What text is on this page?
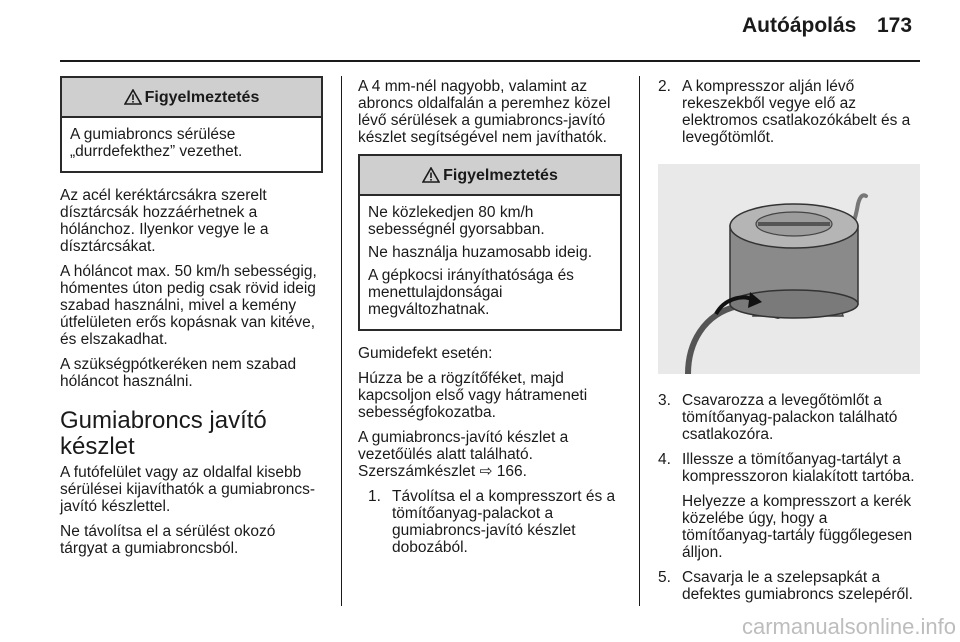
Autóápolás 173
Figyelmeztetés

A gumiabroncs sérülése „durrdefekthez” vezethet.

Az acél keréktárcsákra szerelt dísztárcsák hozzáérhetnek a hólánchoz. Ilyenkor vegye le a dísztárcsákat.

A hóláncot max. 50 km/h sebességig, hómentes úton pedig csak rövid ideig szabad használni, mivel a kemény útfelületen erős kopásnak van kitéve, és elszakadhat.

A szükségpótkeréken nem szabad hóláncot használni.

Gumiabroncs javító készlet

A futófelület vagy az oldalfal kisebb sérülései kijavíthatók a gumiabroncs-javító készlettel.

Ne távolítsa el a sérülést okozó tárgyat a gumiabroncsból.

A 4 mm-nél nagyobb, valamint az abroncs oldalfalán a peremhez közel lévő sérülések a gumiabroncs-javító készlet segítségével nem javíthatók.

Figyelmeztetés

Ne közlekedjen 80 km/h sebességnél gyorsabban.

Ne használja huzamosabb ideig.

A gépkocsi irányíthatósága és menettulajdonságai megváltozhatnak.

Gumidefekt esetén:

Húzza be a rögzítőféket, majd kapcsoljon első vagy hátrameneti sebességfokozatba.

A gumiabroncs-javító készlet a vezetőülés alatt található. Szerszámkészlet ⇨ 166.

1. Távolítsa el a kompresszort és a tömítőanyag-palackot a gumiabroncs-javító készlet dobozából.
2. A kompresszor alján lévő rekeszekből vegye elő az elektromos csatlakozókábelt és a levegőtömlőt.
3. Csavarozza a levegőtömlőt a tömítőanyag-palackon található csatlakozóra.
4. Illessze a tömítőanyag-tartályt a kompresszoron kialakított tartóba.

Helyezze a kompresszort a kerék közelébe úgy, hogy a tömítőanyag-tartály függőlegesen álljon.

5. Csavarja le a szelepsapkát a defektes gumiabroncs szelepéről.
carmanualsonline.info
